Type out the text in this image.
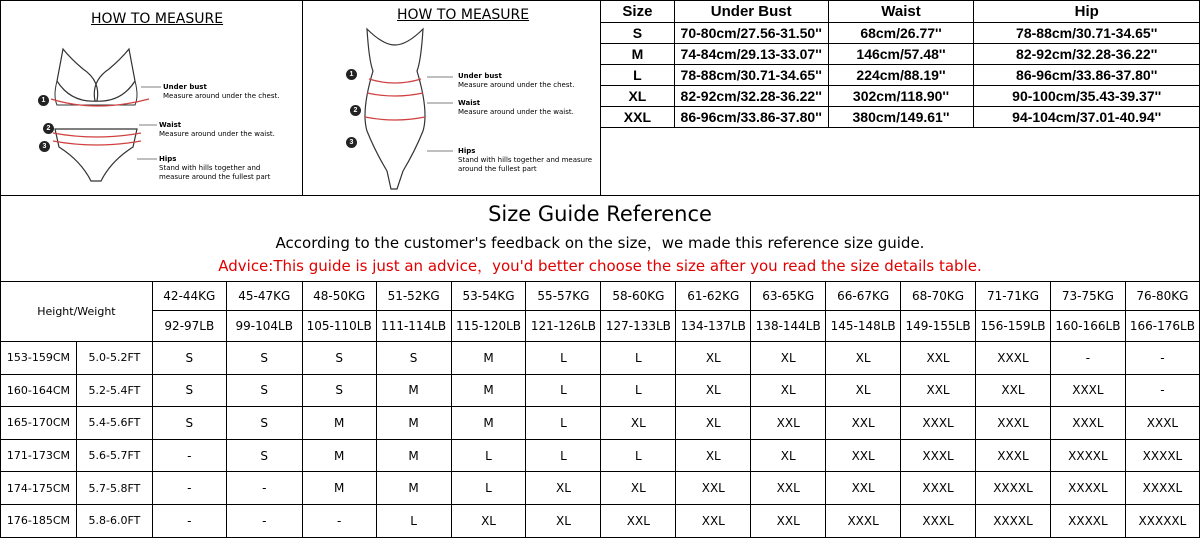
HOW TO MEASURE
1
2
3
Under bust
Measure around under the chest.
Waist
Measure around under the waist.
Hips
Stand with hills together and measure around the fullest part
HOW TO MEASURE
1
2
3
Under bust
Measure around under the chest.
Waist
Measure around under the waist.
Hips
Stand with hills together and measure around the fullest part
Size	Under Bust	Waist	Hip
S	70-80cm/27.56-31.50''	68cm/26.77''	78-88cm/30.71-34.65''
M	74-84cm/29.13-33.07''	146cm/57.48''	82-92cm/32.28-36.22''
L	78-88cm/30.71-34.65''	224cm/88.19''	86-96cm/33.86-37.80''
XL	82-92cm/32.28-36.22''	302cm/118.90''	90-100cm/35.43-39.37''
XXL	86-96cm/33.86-37.80''	380cm/149.61''	94-104cm/37.01-40.94''
Size Guide Reference
According to the customer's feedback on the size，we made this reference size guide.
Advice:This guide is just an advice，you'd better choose the size after you read the size details table.
Height/Weight		42-44KG	45-47KG	48-50KG	51-52KG	53-54KG	55-57KG	58-60KG	61-62KG	63-65KG	66-67KG	68-70KG	71-71KG	73-75KG	76-80KG
		92-97LB	99-104LB	105-110LB	111-114LB	115-120LB	121-126LB	127-133LB	134-137LB	138-144LB	145-148LB	149-155LB	156-159LB	160-166LB	166-176LB
153-159CM	5.0-5.2FT	S	S	S	S	M	L	L	XL	XL	XL	XXL	XXXL	-	-
160-164CM	5.2-5.4FT	S	S	S	M	M	L	L	XL	XL	XL	XXL	XXL	XXXL	-
165-170CM	5.4-5.6FT	S	S	M	M	M	L	XL	XL	XXL	XXL	XXXL	XXXL	XXXL	XXXL
171-173CM	5.6-5.7FT	-	S	M	M	L	L	L	XL	XL	XXL	XXXL	XXXL	XXXXL	XXXXL
174-175CM	5.7-5.8FT	-	-	M	M	L	XL	XL	XXL	XXL	XXL	XXXL	XXXXL	XXXXL	XXXXL
176-185CM	5.8-6.0FT	-	-	-	L	XL	XL	XXL	XXL	XXL	XXXL	XXXL	XXXXL	XXXXL	XXXXXL
